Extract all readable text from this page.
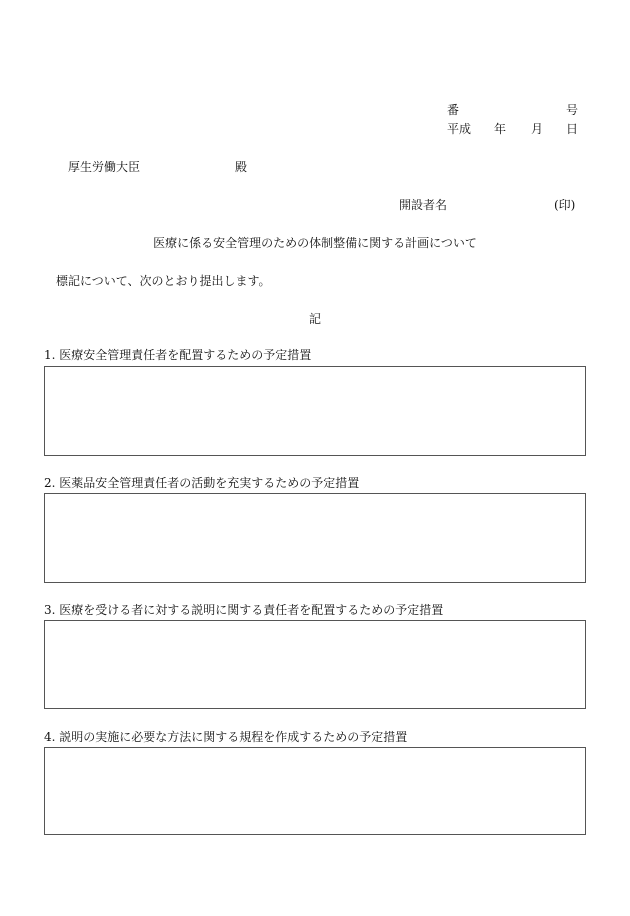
番	号
平成 年 月 日
厚生労働大臣	殿
開設者名	(印)
医療に係る安全管理のための体制整備に関する計画について
標記について、次のとおり提出します。
記
1. 医療安全管理責任者を配置するための予定措置
2. 医薬品安全管理責任者の活動を充実するための予定措置
3. 医療を受ける者に対する説明に関する責任者を配置するための予定措置
4. 説明の実施に必要な方法に関する規程を作成するための予定措置
